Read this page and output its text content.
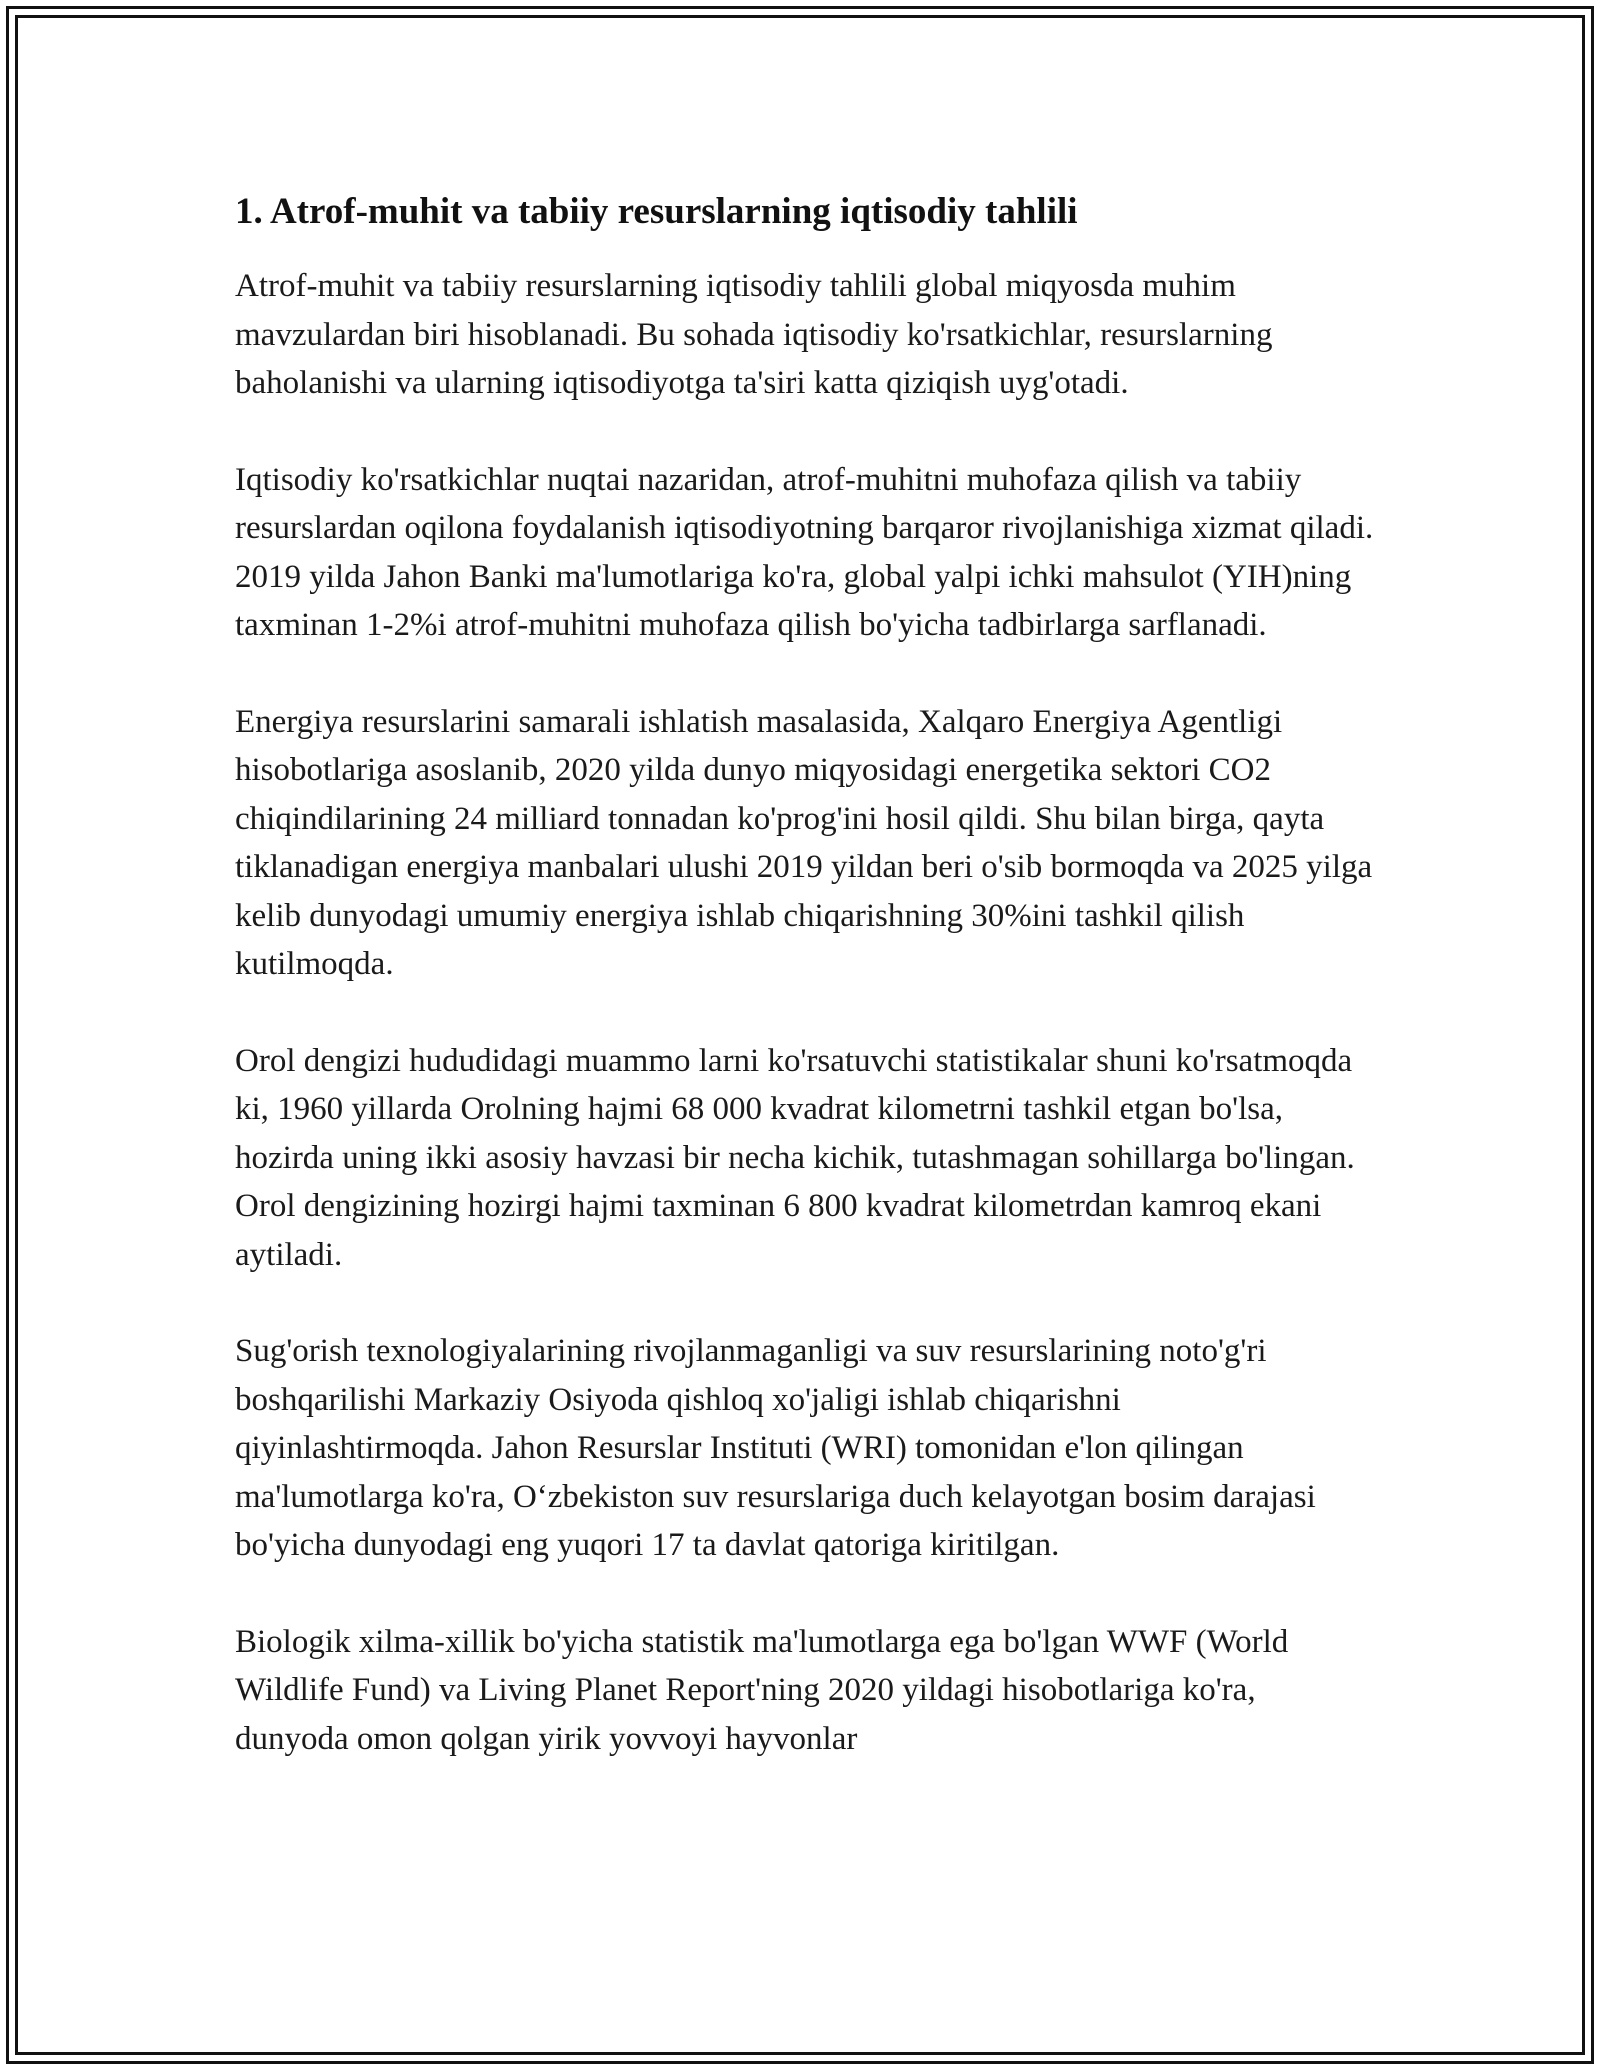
1. Atrof-muhit va tabiiy resurslarning iqtisodiy tahlili

Atrof-muhit va tabiiy resurslarning iqtisodiy tahlili global miqyosda muhim mavzulardan biri hisoblanadi. Bu sohada iqtisodiy ko'rsatkichlar, resurslarning baholanishi va ularning iqtisodiyotga ta'siri katta qiziqish uyg'otadi.

Iqtisodiy ko'rsatkichlar nuqtai nazaridan, atrof-muhitni muhofaza qilish va tabiiy resurslardan oqilona foydalanish iqtisodiyotning barqaror rivojlanishiga xizmat qiladi. 2019 yilda Jahon Banki ma'lumotlariga ko'ra, global yalpi ichki mahsulot (YIH)ning taxminan 1-2%i atrof-muhitni muhofaza qilish bo'yicha tadbirlarga sarflanadi.

Energiya resurslarini samarali ishlatish masalasida, Xalqaro Energiya Agentligi hisobotlariga asoslanib, 2020 yilda dunyo miqyosidagi energetika sektori CO2 chiqindilarining 24 milliard tonnadan ko'prog'ini hosil qildi. Shu bilan birga, qayta tiklanadigan energiya manbalari ulushi 2019 yildan beri o'sib bormoqda va 2025 yilga kelib dunyodagi umumiy energiya ishlab chiqarishning 30%ini tashkil qilish kutilmoqda.

Orol dengizi hududidagi muammo larni ko'rsatuvchi statistikalar shuni ko'rsatmoqda ki, 1960 yillarda Orolning hajmi 68 000 kvadrat kilometrni tashkil etgan bo'lsa, hozirda uning ikki asosiy havzasi bir necha kichik, tutashmagan sohillarga bo'lingan. Orol dengizining hozirgi hajmi taxminan 6 800 kvadrat kilometrdan kamroq ekani aytiladi.

Sug'orish texnologiyalarining rivojlanmaganligi va suv resurslarining noto'g'ri boshqarilishi Markaziy Osiyoda qishloq xo'jaligi ishlab chiqarishni qiyinlashtirmoqda. Jahon Resurslar Instituti (WRI) tomonidan e'lon qilingan ma'lumotlarga ko'ra, O‘zbekiston suv resurslariga duch kelayotgan bosim darajasi bo'yicha dunyodagi eng yuqori 17 ta davlat qatoriga kiritilgan.

Biologik xilma-xillik bo'yicha statistik ma'lumotlarga ega bo'lgan WWF (World Wildlife Fund) va Living Planet Report'ning 2020 yildagi hisobotlariga ko'ra, dunyoda omon qolgan yirik yovvoyi hayvonlar
